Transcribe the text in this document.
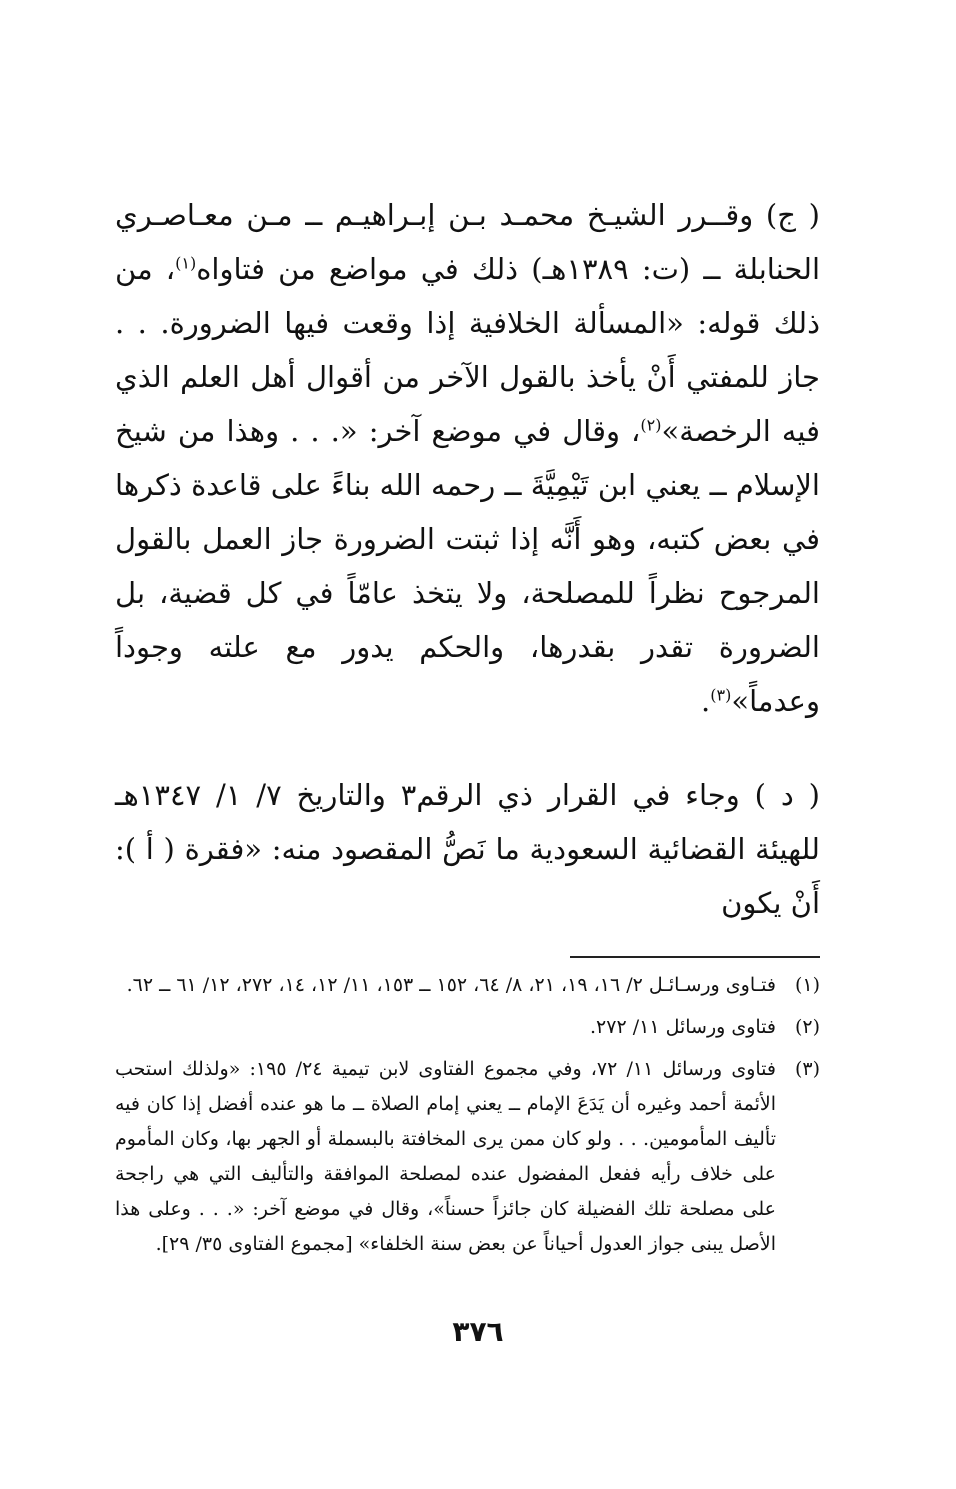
( ج) وقــرر الشيـخ محمـد بـن إبـراهيـم ــ مـن معـاصـري الحنابلة ــ (ت: ١٣٨٩هـ) ذلك في مواضع من فتاواه$^{(١)}$، من ذلك قوله: «المسألة الخلافية إذا وقعت فيها الضرورة. . . جاز للمفتي أَنْ يأخذ بالقول الآخر من أقوال أهل العلم الذي فيه الرخصة»$^{(٢)}$، وقال في موضع آخر: «. . . وهذا من شيخ الإسلام ــ يعني ابن تَيْمِيَّةَ ــ رحمه الله بناءً على قاعدة ذكرها في بعض كتبه، وهو أَنَّه إذا ثبتت الضرورة جاز العمل بالقول المرجوح نظراً للمصلحة، ولا يتخذ عامّاً في كل قضية، بل الضرورة تقدر بقدرها، والحكم يدور مع علته وجوداً وعدماً»$^{(٣)}$.

( د ) وجاء في القرار ذي الرقم٣ والتاريخ ٧/ ١/ ١٣٤٧هـ للهيئة القضائية السعودية ما نَصُّ المقصود منه: «فقرة ( أ ): أَنْ يكون

(١)
فتـاوى ورسـائـل ٢/ ١٦، ١٩، ٢١، ٨/ ٦٤، ١٥٢ ــ ١٥٣، ١١/ ١٢، ١٤، ٢٧٢، ١٢/ ٦١ ــ ٦٢.
(٢)
فتاوى ورسائل ١١/ ٢٧٢.
(٣)
فتاوى ورسائل ١١/ ٧٢، وفي مجموع الفتاوى لابن تيمية ٢٤/ ١٩٥: «ولذلك استحب الأئمة أحمد وغيره أن يَدَعَ الإمام ــ يعني إمام الصلاة ــ ما هو عنده أفضل إذا كان فيه تأليف المأمومين. . . ولو كان ممن يرى المخافتة بالبسملة أو الجهر بها، وكان المأموم على خلاف رأيه ففعل المفضول عنده لمصلحة الموافقة والتأليف التي هي راجحة على مصلحة تلك الفضيلة كان جائزاً حسناً»، وقال في موضع آخر: «. . . وعلى هذا الأصل يبنى جواز العدول أحياناً عن بعض سنة الخلفاء» [مجموع الفتاوى ٣٥/ ٢٩].
٣٧٦
